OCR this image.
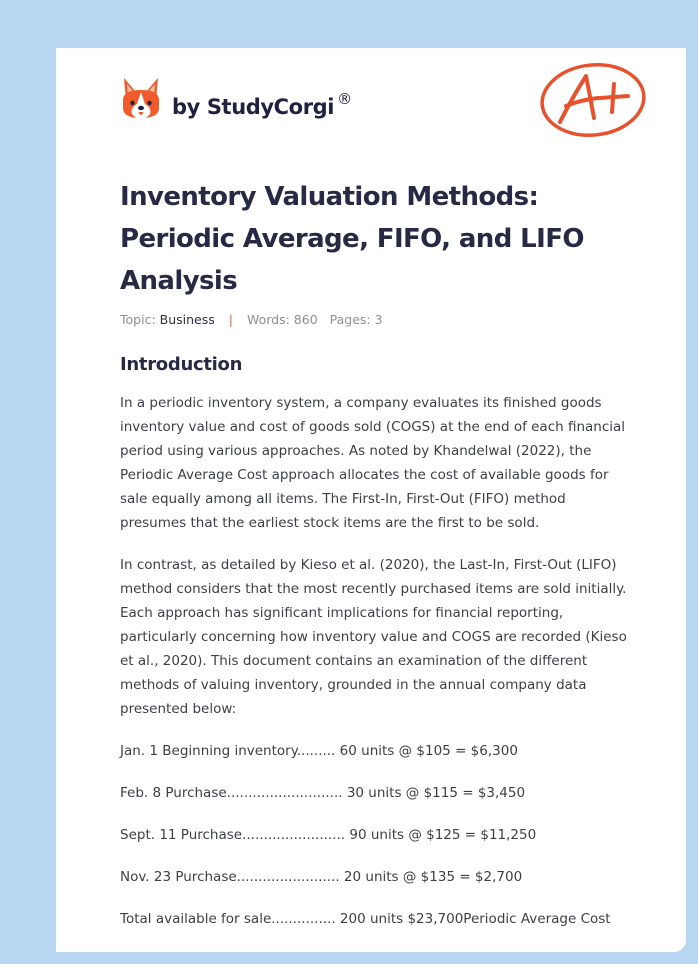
by StudyCorgi ®
Inventory Valuation Methods: Periodic Average, FIFO, and LIFO Analysis
Topic: Business | Words: 860 Pages: 3
Introduction

In a periodic inventory system, a company evaluates its finished goods inventory value and cost of goods sold (COGS) at the end of each financial period using various approaches. As noted by Khandelwal (2022), the Periodic Average Cost approach allocates the cost of available goods for sale equally among all items. The First-In, First-Out (FIFO) method presumes that the earliest stock items are the first to be sold.

In contrast, as detailed by Kieso et al. (2020), the Last-In, First-Out (LIFO) method considers that the most recently purchased items are sold initially. Each approach has significant implications for financial reporting, particularly concerning how inventory value and COGS are recorded (Kieso et al., 2020). This document contains an examination of the different methods of valuing inventory, grounded in the annual company data presented below:

Jan. 1 Beginning inventory......... 60 units @ $105 = $6,300

Feb. 8 Purchase........................... 30 units @ $115 = $3,450

Sept. 11 Purchase........................ 90 units @ $125 = $11,250

Nov. 23 Purchase........................ 20 units @ $135 = $2,700

Total available for sale............... 200 units $23,700Periodic Average Cost
